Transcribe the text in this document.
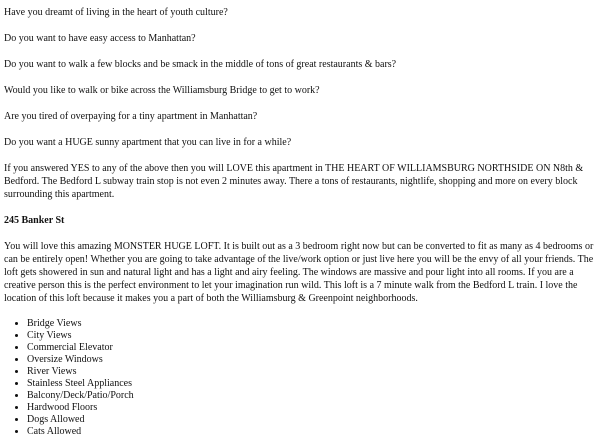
Have you dreamt of living in the heart of youth culture?

Do you want to have easy access to Manhattan?

Do you want to walk a few blocks and be smack in the middle of tons of great restaurants & bars?

Would you like to walk or bike across the Williamsburg Bridge to get to work?

Are you tired of overpaying for a tiny apartment in Manhattan?

Do you want a HUGE sunny apartment that you can live in for a while?

If you answered YES to any of the above then you will LOVE this apartment in THE HEART OF WILLIAMSBURG NORTHSIDE ON N8th & Bedford. The Bedford L subway train stop is not even 2 minutes away. There a tons of restaurants, nightlife, shopping and more on every block surrounding this apartment.

245 Banker St

You will love this amazing MONSTER HUGE LOFT. It is built out as a 3 bedroom right now but can be converted to fit as many as 4 bedrooms or can be entirely open! Whether you are going to take advantage of the live/work option or just live here you will be the envy of all your friends. The loft gets showered in sun and natural light and has a light and airy feeling. The windows are massive and pour light into all rooms. If you are a creative person this is the perfect environment to let your imagination run wild. This loft is a 7 minute walk from the Bedford L train. I love the location of this loft because it makes you a part of both the Williamsburg & Greenpoint neighborhoods.

• Bridge Views
• City Views
• Commercial Elevator
• Oversize Windows
• River Views
• Stainless Steel Appliances
• Balcony/Deck/Patio/Porch
• Hardwood Floors
• Dogs Allowed
• Cats Allowed
